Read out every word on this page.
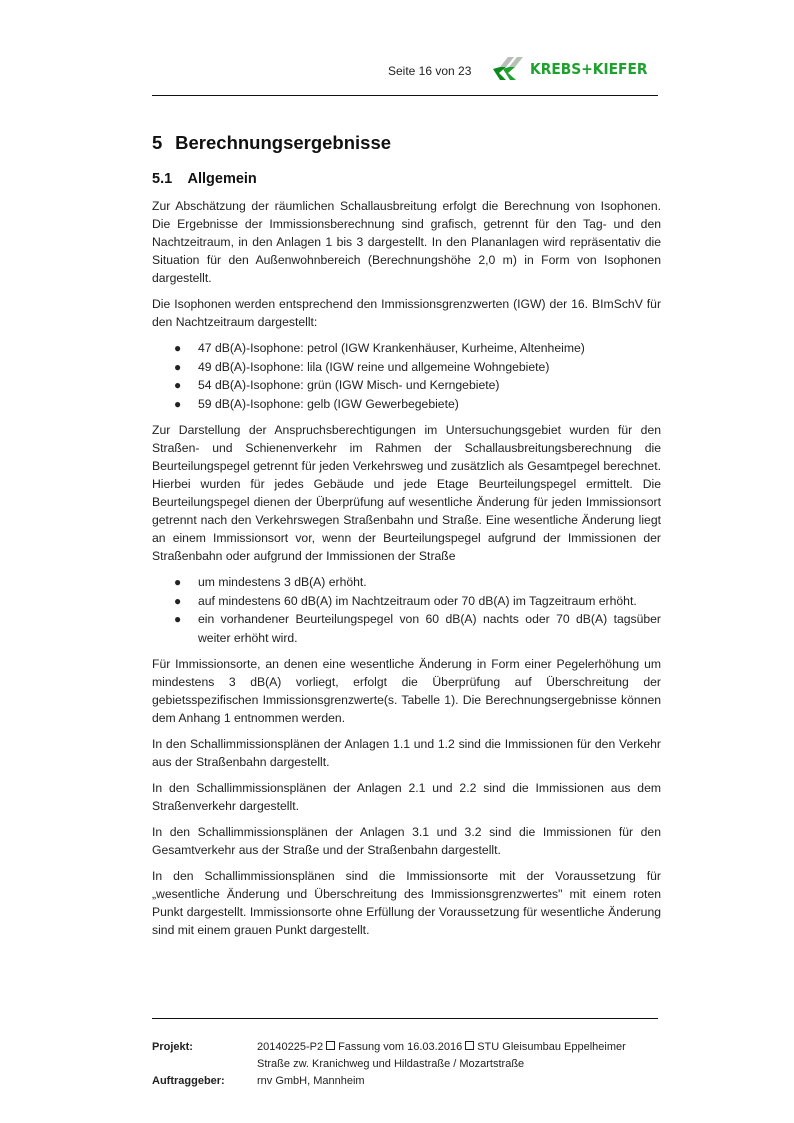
Seite 16 von 23	KREBS+KIEFER
5 Berechnungsergebnisse
5.1 Allgemein

Zur Abschätzung der räumlichen Schallausbreitung erfolgt die Berechnung von Isophonen. Die Ergebnisse der Immissionsberechnung sind grafisch, getrennt für den Tag- und den Nachtzeitraum, in den Anlagen 1 bis 3 dargestellt. In den Plananlagen wird repräsentativ die Situation für den Außenwohnbereich (Berechnungshöhe 2,0 m) in Form von Isophonen dargestellt.

Die Isophonen werden entsprechend den Immissionsgrenzwerten (IGW) der 16. BImSchV für den Nachtzeitraum dargestellt:

● 47 dB(A)-Isophone: petrol (IGW Krankenhäuser, Kurheime, Altenheime)
● 49 dB(A)-Isophone: lila (IGW reine und allgemeine Wohngebiete)
● 54 dB(A)-Isophone: grün (IGW Misch- und Kerngebiete)
● 59 dB(A)-Isophone: gelb (IGW Gewerbegebiete)

Zur Darstellung der Anspruchsberechtigungen im Untersuchungsgebiet wurden für den Straßen- und Schienenverkehr im Rahmen der Schallausbreitungsberechnung die Beurteilungspegel getrennt für jeden Verkehrsweg und zusätzlich als Gesamtpegel berechnet. Hierbei wurden für jedes Gebäude und jede Etage Beurteilungspegel ermittelt. Die Beurteilungspegel dienen der Überprüfung auf wesentliche Änderung für jeden Immissionsort getrennt nach den Verkehrswegen Straßenbahn und Straße. Eine wesentliche Änderung liegt an einem Immissionsort vor, wenn der Beurteilungspegel aufgrund der Immissionen der Straßenbahn oder aufgrund der Immissionen der Straße

● um mindestens 3 dB(A) erhöht.
● auf mindestens 60 dB(A) im Nachtzeitraum oder 70 dB(A) im Tagzeitraum erhöht.
● ein vorhandener Beurteilungspegel von 60 dB(A) nachts oder 70 dB(A) tagsüber weiter erhöht wird.

Für Immissionsorte, an denen eine wesentliche Änderung in Form einer Pegelerhöhung um mindestens 3 dB(A) vorliegt, erfolgt die Überprüfung auf Überschreitung der gebietsspezifischen Immissionsgrenzwerte(s. Tabelle 1). Die Berechnungsergebnisse können dem Anhang 1 entnommen werden.

In den Schallimmissionsplänen der Anlagen 1.1 und 1.2 sind die Immissionen für den Verkehr aus der Straßenbahn dargestellt.

In den Schallimmissionsplänen der Anlagen 2.1 und 2.2 sind die Immissionen aus dem Straßenverkehr dargestellt.

In den Schallimmissionsplänen der Anlagen 3.1 und 3.2 sind die Immissionen für den Gesamtverkehr aus der Straße und der Straßenbahn dargestellt.

In den Schallimmissionsplänen sind die Immissionsorte mit der Voraussetzung für „wesentliche Änderung und Überschreitung des Immissionsgrenzwertes" mit einem roten Punkt dargestellt. Immissionsorte ohne Erfüllung der Voraussetzung für wesentliche Änderung sind mit einem grauen Punkt dargestellt.

Projekt:	20140225-P2 Fassung vom 16.03.2016 STU Gleisumbau Eppelheimer Straße zw. Kranichweg und Hildastraße / Mozartstraße
Auftraggeber:	rnv GmbH, Mannheim
